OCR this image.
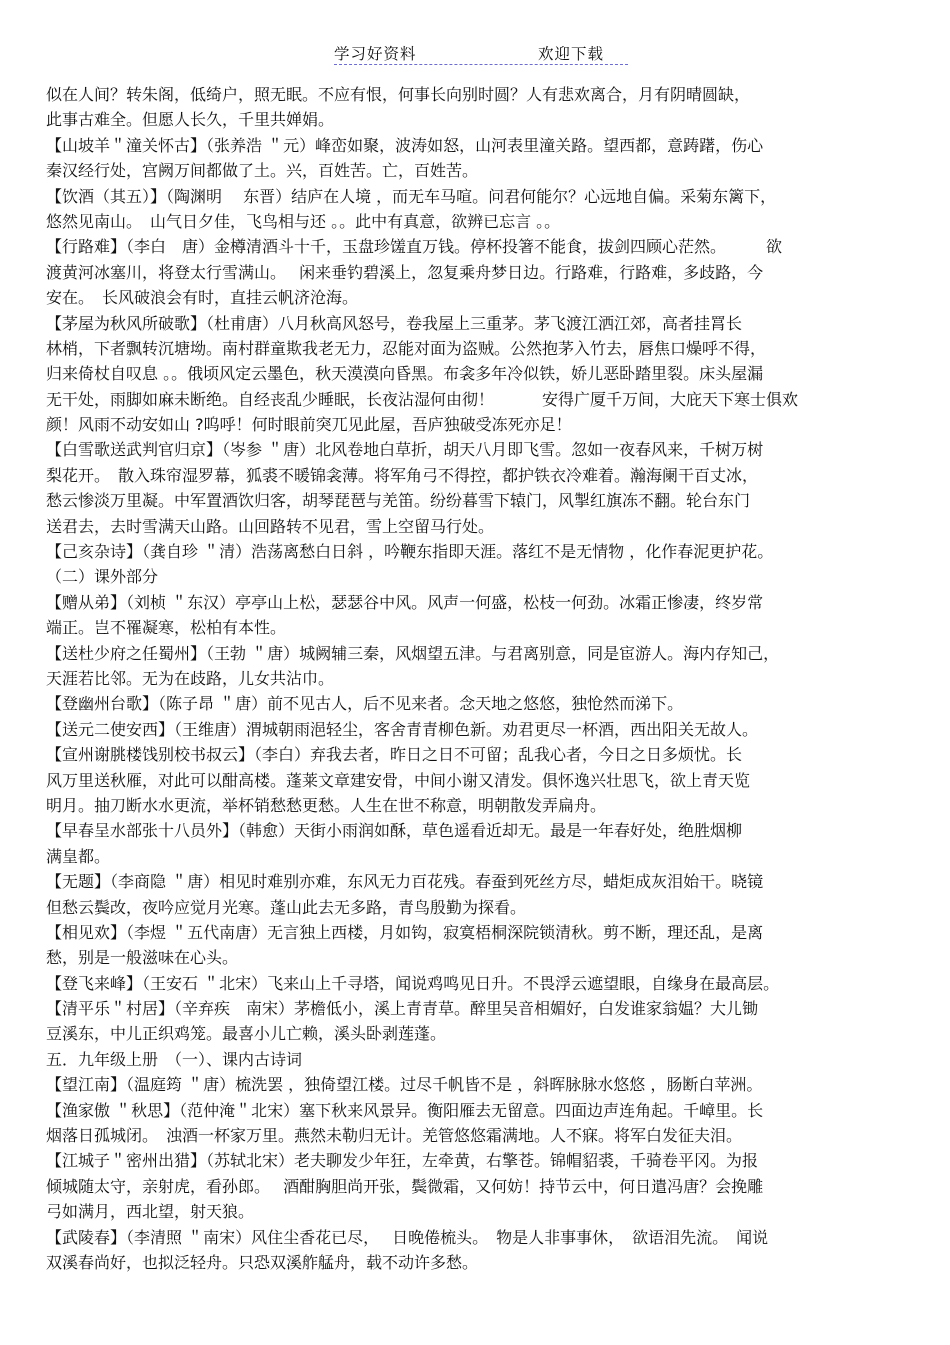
学习好资料	欢迎下载
似在人间？转朱阁，低绮户，照无眠。不应有恨，何事长向别时圆？人有悲欢离合，月有阴晴圆缺，
此事古难全。但愿人长久，千里共婵娟。
【山坡羊＂潼关怀古】（张养浩 ＂元）峰峦如聚，波涛如怒，山河表里潼关路。望西都，意踌躇，伤心
秦汉经行处，宫阙万间都做了土。兴，百姓苦。亡，百姓苦。
【饮酒（其五）】（陶渊明　 东晋）结庐在人境 ，而无车马喧。问君何能尔？心远地自偏。采菊东篱下，
悠然见南山。　山气日夕佳，飞鸟相与还 。。此中有真意，欲辨已忘言 。。
【行路难】（李白　唐）金樽清酒斗十千，玉盘珍馐直万钱。停杯投箸不能食，拔剑四顾心茫然。　　　欲
渡黄河冰塞川，将登太行雪满山。　 闲来垂钓碧溪上，忽复乘舟梦日边。行路难，行路难，多歧路，今
安在。　长风破浪会有时，直挂云帆济沧海。
【茅屋为秋风所破歌】（杜甫唐）八月秋高风怒号，卷我屋上三重茅。茅飞渡江洒江郊，高者挂罥长
林梢，下者飘转沉塘坳。南村群童欺我老无力，忍能对面为盗贼。公然抱茅入竹去，唇焦口燥呼不得，
归来倚杖自叹息 。。俄顷风定云墨色，秋天漠漠向昏黑。布衾多年冷似铁，娇儿恶卧踏里裂。床头屋漏
无干处，雨脚如麻未断绝。自经丧乱少睡眠，长夜沾湿何由彻！　　　安得广厦千万间，大庇天下寒士俱欢
颜！风雨不动安如山 ?呜呼！何时眼前突兀见此屋，吾庐独破受冻死亦足！
【白雪歌送武判官归京】（岑参 ＂唐）北风卷地白草折，胡天八月即飞雪。忽如一夜春风来，千树万树
梨花开。　散入珠帘湿罗幕，狐裘不暖锦衾薄。将军角弓不得控，都护铁衣冷难着。瀚海阑干百丈冰，
愁云惨淡万里凝。中军置酒饮归客，胡琴琵琶与羌笛。纷纷暮雪下辕门，风掣红旗冻不翻。轮台东门
送君去，去时雪满天山路。山回路转不见君，雪上空留马行处。
【己亥杂诗】（龚自珍 ＂清）浩荡离愁白日斜 ，吟鞭东指即天涯。落红不是无情物 ，化作春泥更护花。
（二）课外部分
【赠从弟】（刘桢 ＂东汉）亭亭山上松，瑟瑟谷中风。风声一何盛，松枝一何劲。冰霜正惨凄，终岁常
端正。岂不罹凝寒，松柏有本性。
【送杜少府之任蜀州】（王勃 ＂唐）城阙辅三秦，风烟望五津。与君离别意，同是宦游人。海内存知己，
天涯若比邻。无为在歧路，儿女共沾巾。
【登幽州台歌】（陈子昂 ＂唐）前不见古人，后不见来者。念天地之悠悠，独怆然而涕下。
【送元二使安西】（王维唐）渭城朝雨浥轻尘，客舍青青柳色新。劝君更尽一杯酒，西出阳关无故人。
【宣州谢朓楼饯别校书叔云】（李白）弃我去者，昨日之日不可留；乱我心者，今日之日多烦忧。长
风万里送秋雁，对此可以酣高楼。蓬莱文章建安骨，中间小谢又清发。俱怀逸兴壮思飞，欲上青天览
明月。抽刀断水水更流，举杯销愁愁更愁。人生在世不称意，明朝散发弄扁舟。
【早春呈水部张十八员外】（韩愈）天街小雨润如酥，草色遥看近却无。最是一年春好处，绝胜烟柳
满皇都。
【无题】（李商隐 ＂唐）相见时难别亦难，东风无力百花残。春蚕到死丝方尽，蜡炬成灰泪始干。晓镜
但愁云鬓改，夜吟应觉月光寒。蓬山此去无多路，青鸟殷勤为探看。
【相见欢】（李煜 ＂五代南唐）无言独上西楼，月如钩，寂寞梧桐深院锁清秋。剪不断，理还乱，是离
愁，别是一般滋味在心头。
【登飞来峰】（王安石 ＂北宋）飞来山上千寻塔，闻说鸡鸣见日升。不畏浮云遮望眼，自缘身在最高层。
【清平乐＂村居】（辛弃疾　南宋）茅檐低小，溪上青青草。醉里吴音相媚好，白发谁家翁媪？大儿锄
豆溪东，中儿正织鸡笼。最喜小儿亡赖，溪头卧剥莲蓬。
五．九年级上册　（一）、课内古诗词
【望江南】（温庭筠 ＂唐）梳洗罢 ，独倚望江楼。过尽千帆皆不是 ，斜晖脉脉水悠悠 ，肠断白苹洲。
【渔家傲 ＂秋思】（范仲淹＂北宋）塞下秋来风景异。衡阳雁去无留意。四面边声连角起。千嶂里。长
烟落日孤城闭。　浊酒一杯家万里。燕然未勒归无计。羌管悠悠霜满地。人不寐。将军白发征夫泪。
【江城子＂密州出猎】（苏轼北宋）老夫聊发少年狂，左牵黄，右擎苍。锦帽貂裘，千骑卷平冈。为报
倾城随太守，亲射虎，看孙郎。　 酒酣胸胆尚开张，鬓微霜，又何妨！持节云中，何日遣冯唐？会挽雕
弓如满月，西北望，射天狼。
【武陵春】（李清照 ＂南宋）风住尘香花已尽，　 日晚倦梳头。　物是人非事事休，　欲语泪先流。　闻说
双溪春尚好，也拟泛轻舟。只恐双溪舴艋舟，载不动许多愁。
